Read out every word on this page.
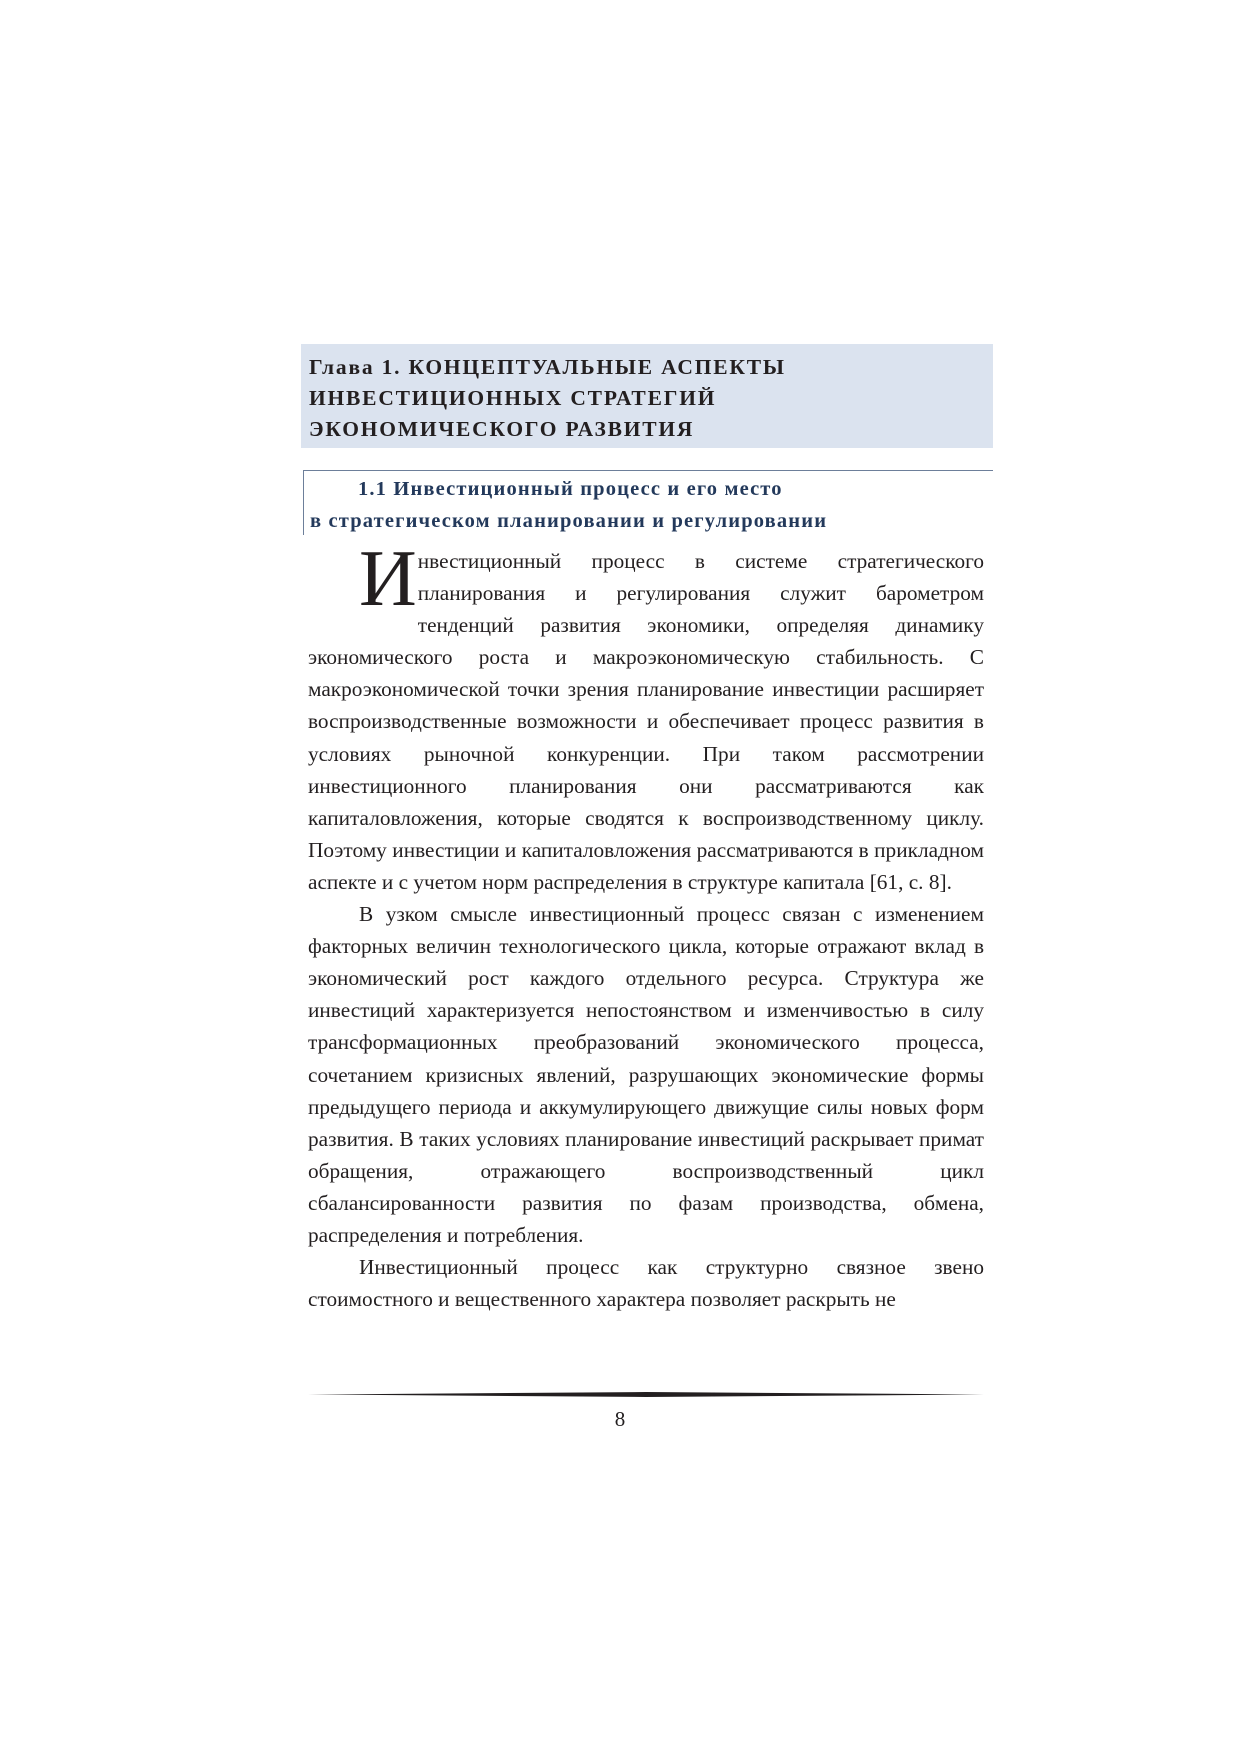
Глава 1. КОНЦЕПТУАЛЬНЫЕ АСПЕКТЫ
ИНВЕСТИЦИОННЫХ СТРАТЕГИЙ
ЭКОНОМИЧЕСКОГО РАЗВИТИЯ
1.1 Инвестиционный процесс и его место
в стратегическом планировании и регулировании

Инвестиционный процесс в системе стратегического планирования и регулирования служит барометром тенденций развития экономики, определяя динамику экономического роста и макроэкономическую стабильность. С макроэкономической точки зрения планирование инвестиции расширяет воспроизводственные возможности и обеспечивает процесс развития в условиях рыночной конкуренции. При таком рассмотрении инвестиционного планирования они рассматриваются как капиталовложения, которые сводятся к воспроизводственному циклу. Поэтому инвестиции и капиталовложения рассматриваются в прикладном аспекте и с учетом норм распределения в структуре капитала [61, с. 8].

В узком смысле инвестиционный процесс связан с изменением факторных величин технологического цикла, которые отражают вклад в экономический рост каждого отдельного ресурса. Структура же инвестиций характеризуется непостоянством и изменчивостью в силу трансформационных преобразований экономического процесса, сочетанием кризисных явлений, разрушающих экономические формы предыдущего периода и аккумулирующего движущие силы новых форм развития. В таких условиях планирование инвестиций раскрывает примат обращения, отражающего воспроизводственный цикл сбалансированности развития по фазам производства, обмена, распределения и потребления.

Инвестиционный процесс как структурно связное звено стоимостного и вещественного характера позволяет раскрыть не

8
